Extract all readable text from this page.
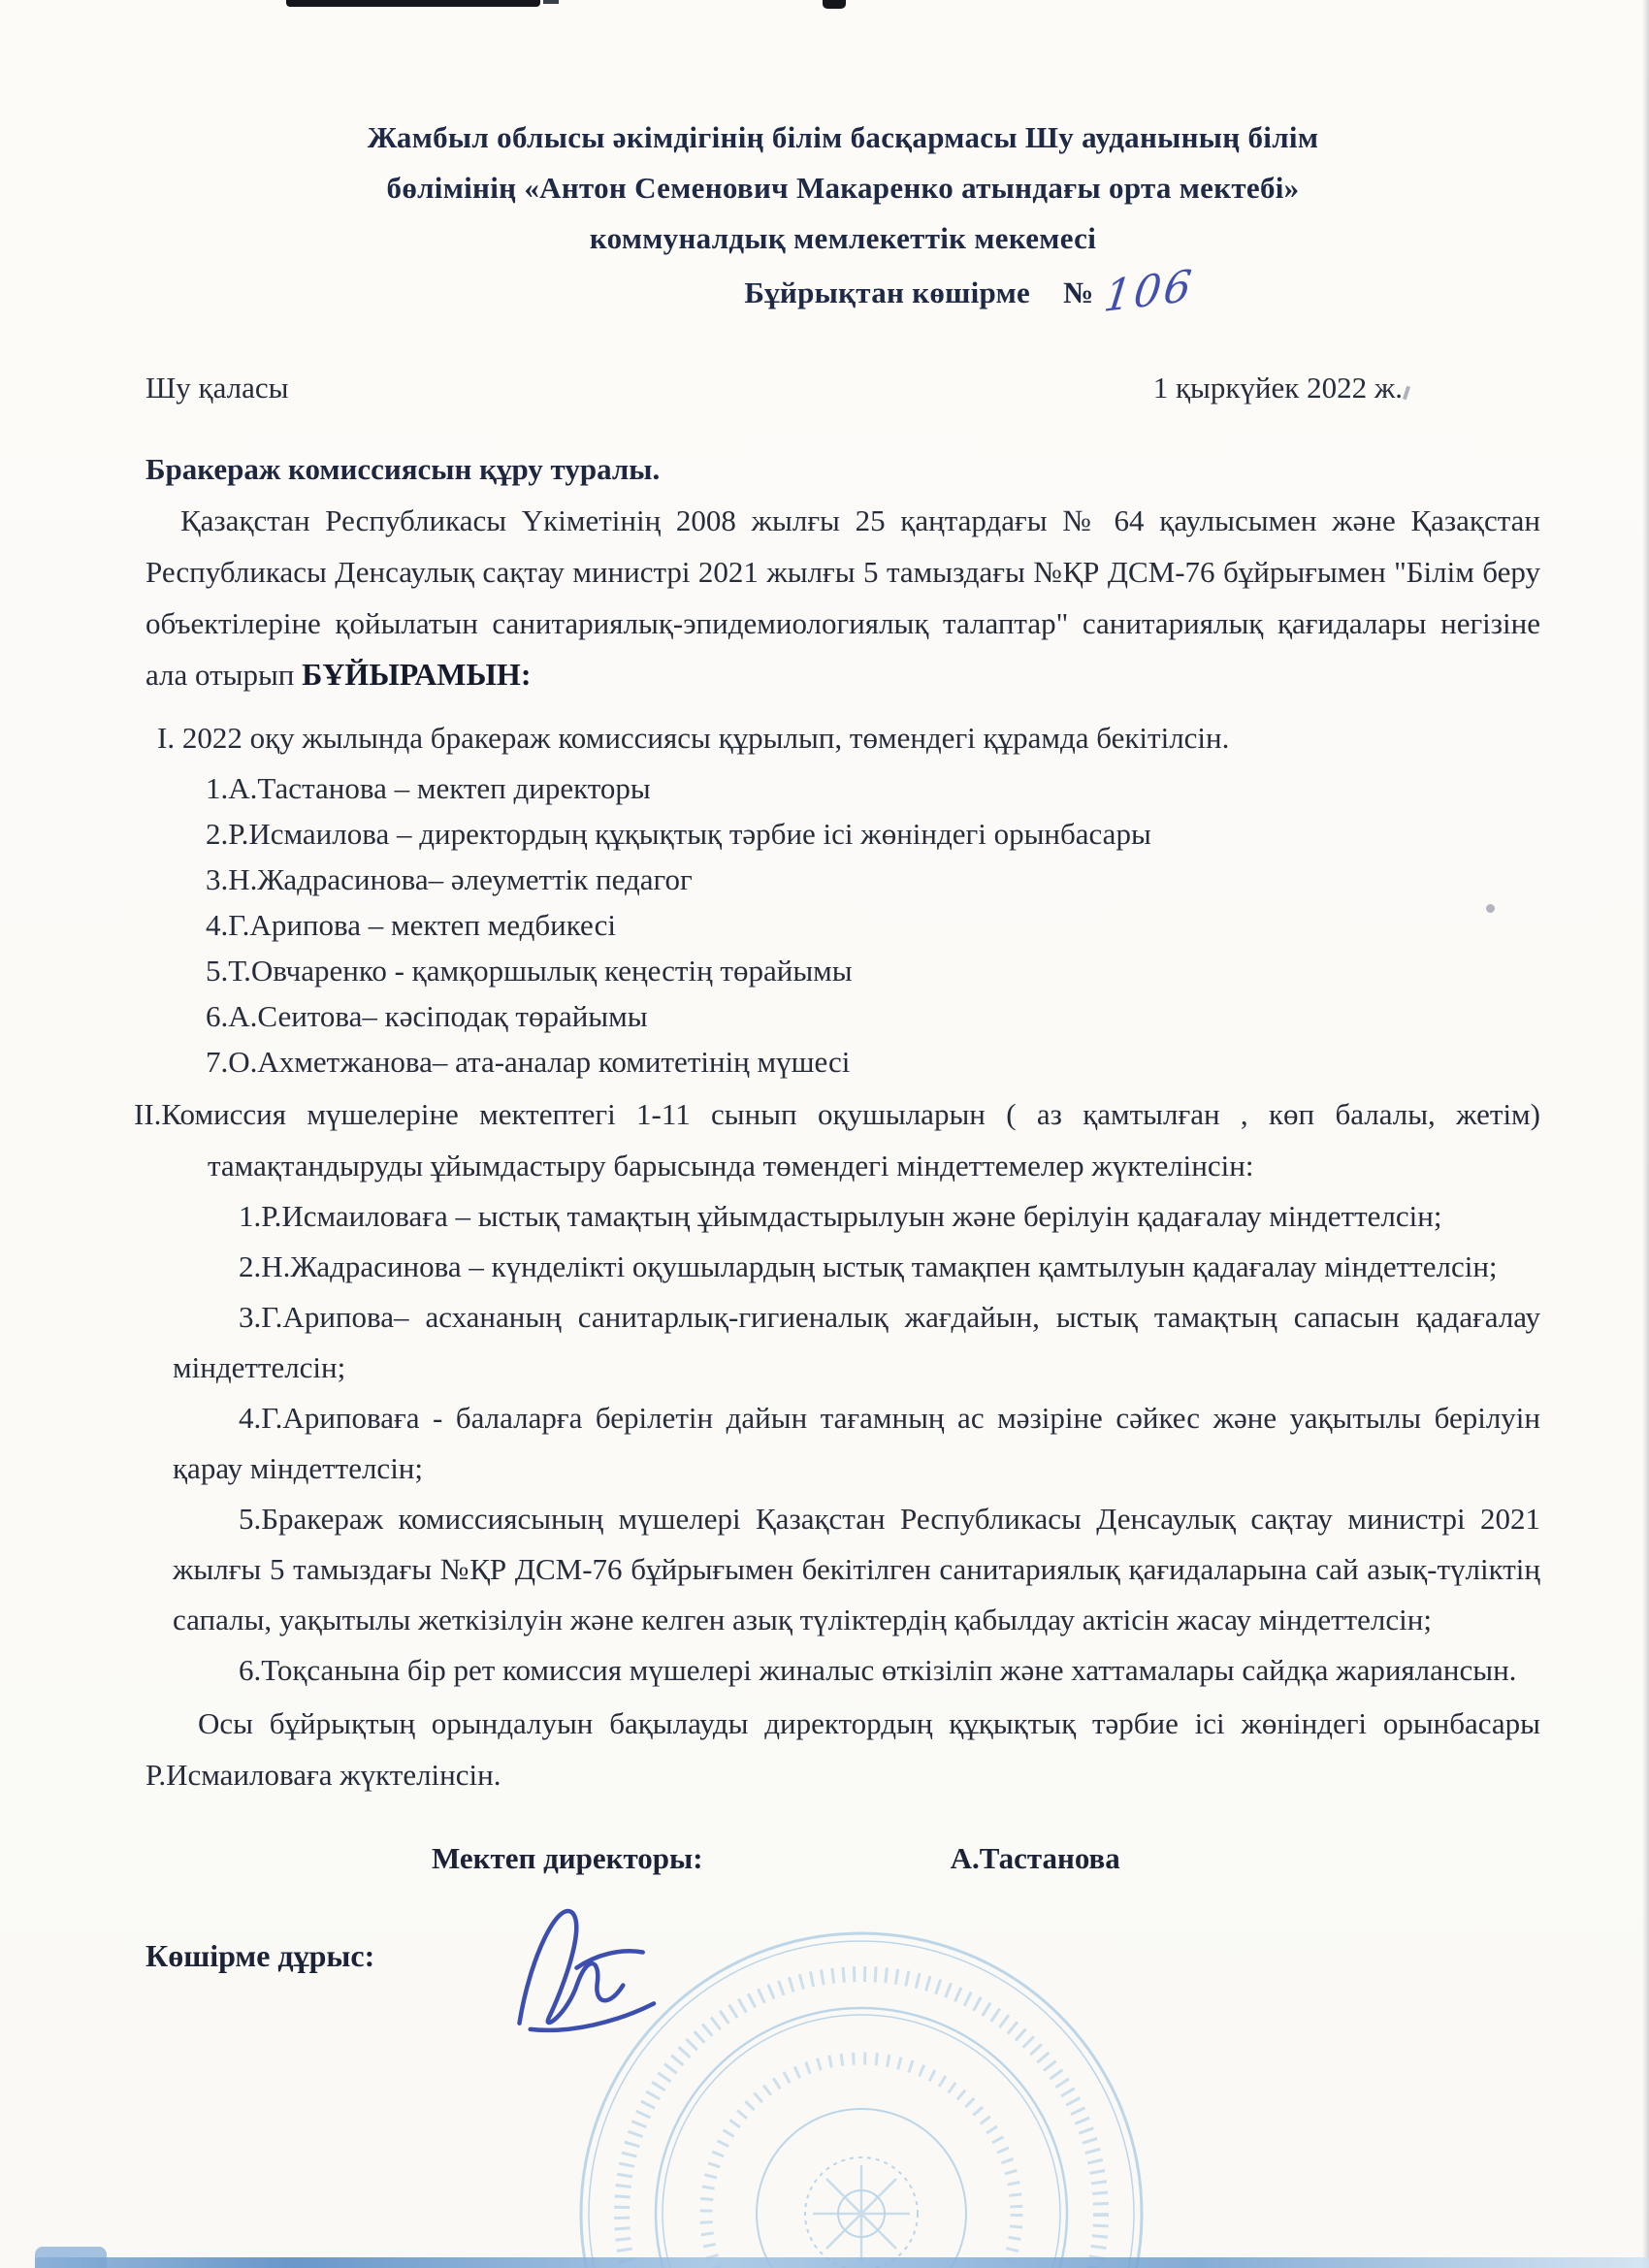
Жамбыл облысы әкімдігінің білім басқармасы Шу ауданының білім
бөлімінің «Антон Семенович Макаренко атындағы орта мектебі»
коммуналдық мемлекеттік мекемесі
Бұйрықтан көшірме № 106
Шу қаласы	1 қыркүйек 2022 ж.

Бракераж комиссиясын құру туралы.

Қазақстан Республикасы Үкіметінің 2008 жылғы 25 қаңтардағы № 64 қаулысымен және Қазақстан Республикасы Денсаулық сақтау министрі 2021 жылғы 5 тамыздағы №ҚР ДСМ-76 бұйрығымен "Білім беру объектілеріне қойылатын санитариялық-эпидемиологиялық талаптар" санитариялық қағидалары негізіне ала отырып БҰЙЫРАМЫН:

I. 2022 оқу жылында бракераж комиссиясы құрылып, төмендегі құрамда бекітілсін.

1.А.Тастанова – мектеп директоры

2.Р.Исмаилова – директордың құқықтық тәрбие ісі жөніндегі орынбасары

3.Н.Жадрасинова– әлеуметтік педагог

4.Г.Арипова – мектеп медбикесі

5.Т.Овчаренко - қамқоршылық кеңестің төрайымы

6.А.Сеитова– кәсіподақ төрайымы

7.О.Ахметжанова– ата-аналар комитетінің мүшесі

II.Комиссия мүшелеріне мектептегі 1-11 сынып оқушыларын ( аз қамтылған , көп балалы, жетім) тамақтандыруды ұйымдастыру барысында төмендегі міндеттемелер жүктелінсін:

1.Р.Исмаиловаға – ыстық тамақтың ұйымдастырылуын және берілуін қадағалау міндеттелсін;

2.Н.Жадрасинова – күнделікті оқушылардың ыстық тамақпен қамтылуын қадағалау міндеттелсін;

3.Г.Арипова– асхананың санитарлық-гигиеналық жағдайын, ыстық тамақтың сапасын қадағалау міндеттелсін;

4.Г.Ариповаға - балаларға берілетін дайын тағамның ас мәзіріне сәйкес және уақытылы берілуін қарау міндеттелсін;

5.Бракераж комиссиясының мүшелері Қазақстан Республикасы Денсаулық сақтау министрі 2021 жылғы 5 тамыздағы №ҚР ДСМ-76 бұйрығымен бекітілген санитариялық қағидаларына сай азық-түліктің сапалы, уақытылы жеткізілуін және келген азық түліктердің қабылдау актісін жасау міндеттелсін;

6.Тоқсанына бір рет комиссия мүшелері жиналыс өткізіліп және хаттамалары сайдқа жариялансын.

Осы бұйрықтың орындалуын бақылауды директордың құқықтық тәрбие ісі жөніндегі орынбасары Р.Исмаиловаға жүктелінсін.

Мектеп директоры:	А.Тастанова
Көшірме дұрыс:
